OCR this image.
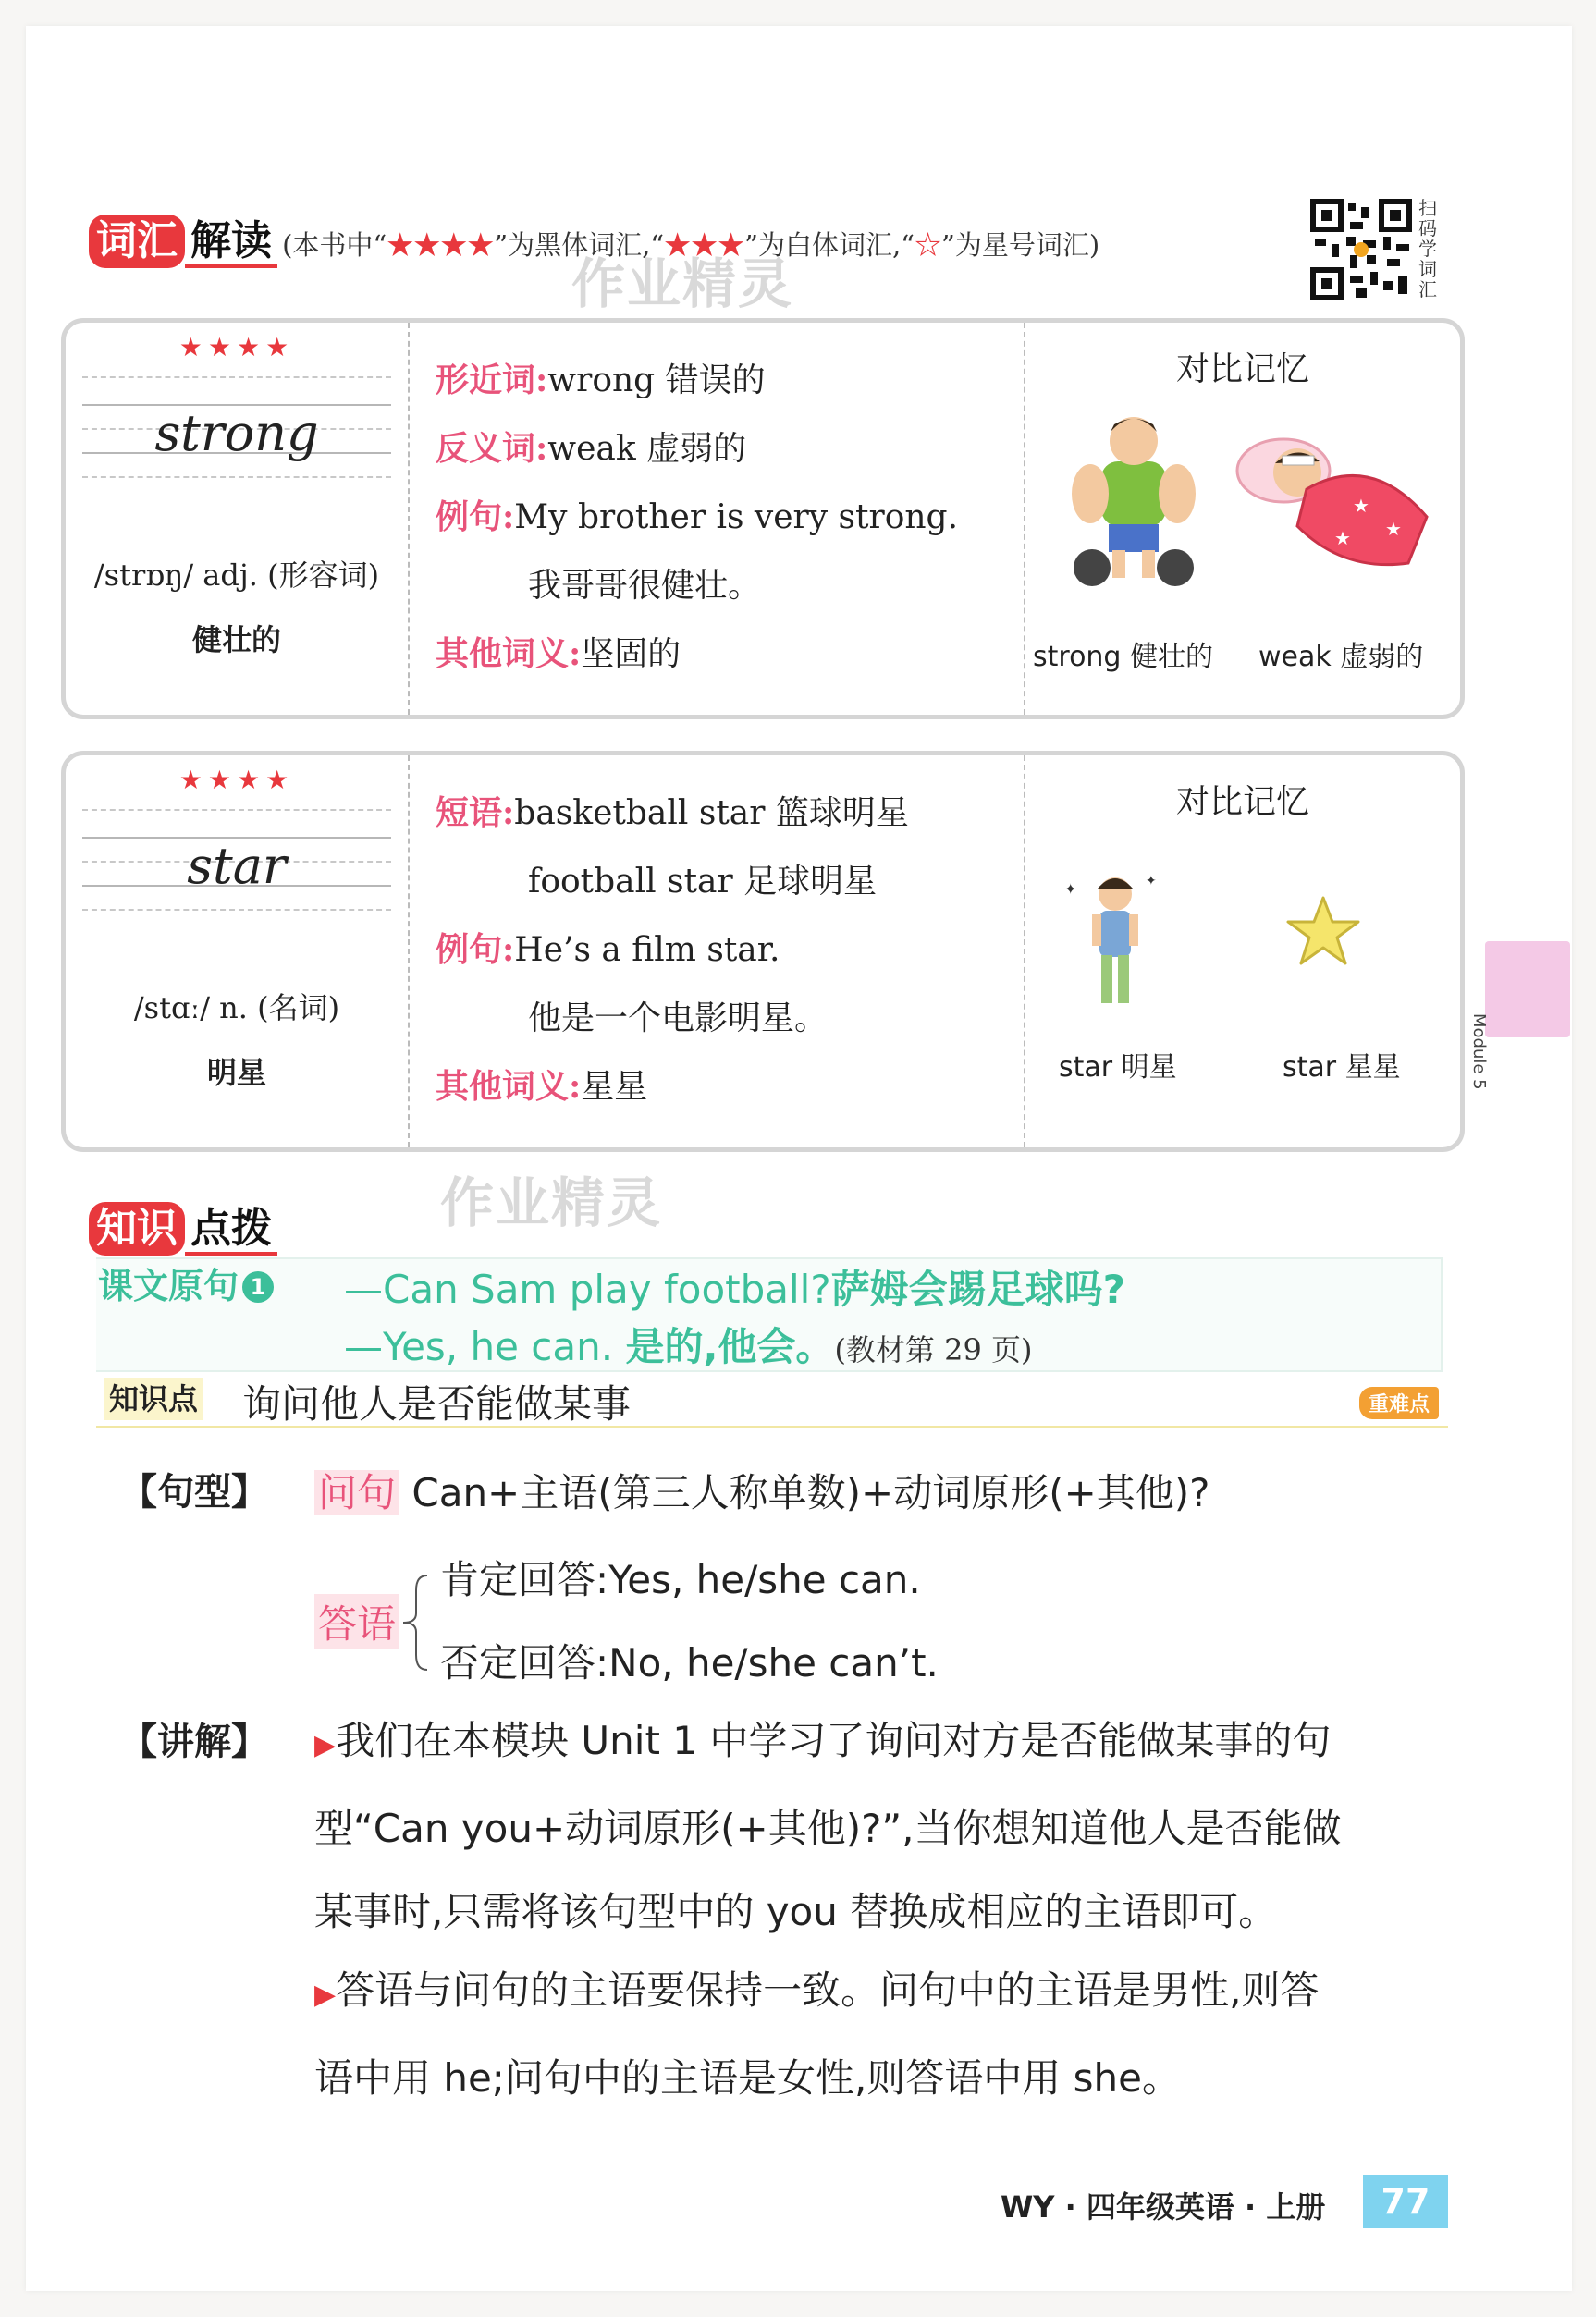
词汇 解读 (本书中“★★★★”为黑体词汇,“★★★”为白体词汇,“☆”为星号词汇)
扫码学词汇
作业精灵
★★★★
strong
/strɒŋ/ adj. (形容词)
健壮的
形近词:wrong 错误的
反义词:weak 虚弱的
例句:My brother is very strong.
我哥哥很健壮。
其他词义:坚固的
对比记忆
★
★
★
strong 健壮的 weak 虚弱的
★★★★
star
/stɑː/ n. (名词)
明星
短语:basketball star 篮球明星
football star 足球明星
例句:He’s a film star.
他是一个电影明星。
其他词义:星星
对比记忆
✦	✦
star 明星	star 星星	Module 5
知识 点拨	作业精灵
课文原句 1 —Can Sam play football?萨姆会踢足球吗?
—Yes, he can. 是的,他会。(教材第 29 页)
知识点 询问他人是否能做某事	重难点
【句型】 问句 Can+主语(第三人称单数)+动词原形(+其他)?
答语
肯定回答:Yes, he/she can.
否定回答:No, he/she can’t.
【讲解】 ▶我们在本模块 Unit 1 中学习了询问对方是否能做某事的句
型“Can you+动词原形(+其他)?”,当你想知道他人是否能做
某事时,只需将该句型中的 you 替换成相应的主语即可。
▶答语与问句的主语要保持一致。问句中的主语是男性,则答
语中用 he;问句中的主语是女性,则答语中用 she。
WY · 四年级英语 · 上册	77
